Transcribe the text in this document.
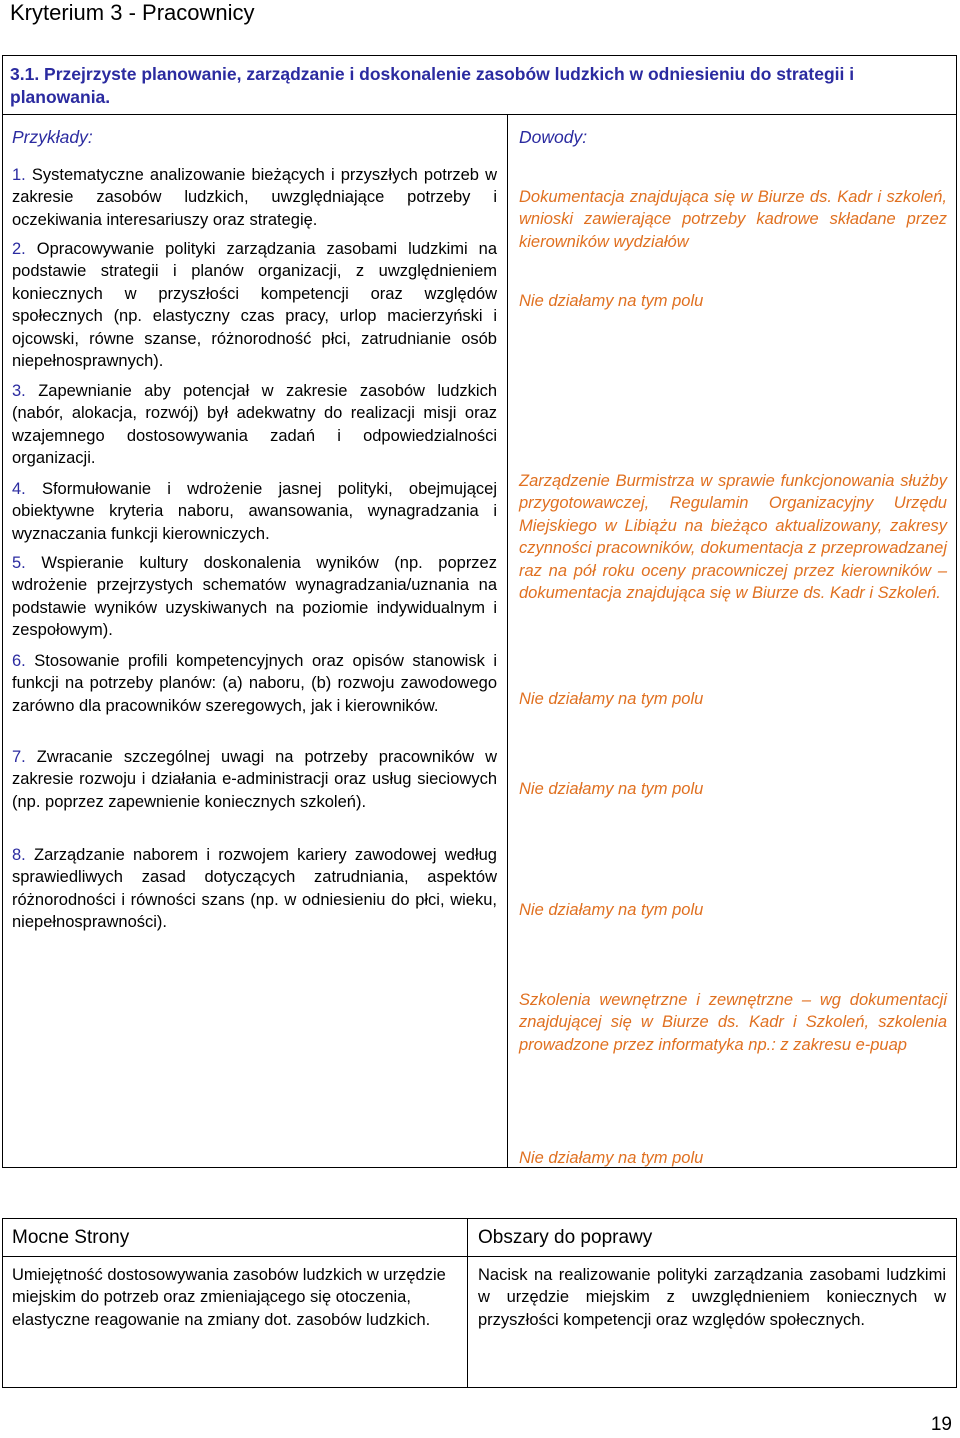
Kryterium 3 - Pracownicy
3.1. Przejrzyste planowanie, zarządzanie i doskonalenie zasobów ludzkich w odniesieniu do strategii i planowania.
Przykłady:	Dowody:
1. Systematyczne analizowanie bieżących i przyszłych potrzeb w zakresie zasobów ludzkich, uwzględniające potrzeby i oczekiwania interesariuszy oraz strategię.
2. Opracowywanie polityki zarządzania zasobami ludzkimi na podstawie strategii i planów organizacji, z uwzględnieniem koniecznych w przyszłości kompetencji oraz względów społecznych (np. elastyczny czas pracy, urlop macierzyński i ojcowski, równe szanse, różnorodność płci, zatrudnianie osób niepełnosprawnych).
3. Zapewnianie aby potencjał w zakresie zasobów ludzkich (nabór, alokacja, rozwój) był adekwatny do realizacji misji oraz wzajemnego dostosowywania zadań i odpowiedzialności organizacji.
4. Sformułowanie i wdrożenie jasnej polityki, obejmującej obiektywne kryteria naboru, awansowania, wynagradzania i wyznaczania funkcji kierowniczych.
5. Wspieranie kultury doskonalenia wyników (np. poprzez wdrożenie przejrzystych schematów wynagradzania/uznania na podstawie wyników uzyskiwanych na poziomie indywidualnym i zespołowym).
6. Stosowanie profili kompetencyjnych oraz opisów stanowisk i funkcji na potrzeby planów: (a) naboru, (b) rozwoju zawodowego zarówno dla pracowników szeregowych, jak i kierowników.
7. Zwracanie szczególnej uwagi na potrzeby pracowników w zakresie rozwoju i działania e-administracji oraz usług sieciowych (np. poprzez zapewnienie koniecznych szkoleń).
8. Zarządzanie naborem i rozwojem kariery zawodowej według sprawiedliwych zasad dotyczących zatrudniania, aspektów różnorodności i równości szans (np. w odniesieniu do płci, wieku, niepełnosprawności).
Dokumentacja znajdująca się w Biurze ds. Kadr i szkoleń, wnioski zawierające potrzeby kadrowe składane przez kierowników wydziałów
Nie działamy na tym polu
Zarządzenie Burmistrza w sprawie funkcjonowania służby przygotowawczej, Regulamin Organizacyjny Urzędu Miejskiego w Libiążu na bieżąco aktualizowany, zakresy czynności pracowników, dokumentacja z przeprowadzanej raz na pół roku oceny pracowniczej przez kierowników – dokumentacja znajdująca się w Biurze ds. Kadr i Szkoleń.
Nie działamy na tym polu
Nie działamy na tym polu
Nie działamy na tym polu
Szkolenia wewnętrzne i zewnętrzne – wg dokumentacji znajdującej się w Biurze ds. Kadr i Szkoleń, szkolenia prowadzone przez informatyka np.: z zakresu e-puap
Nie działamy na tym polu
Mocne Strony	Obszary do poprawy
Umiejętność dostosowywania zasobów ludzkich w urzędzie miejskim do potrzeb oraz zmieniającego się otoczenia, elastyczne reagowanie na zmiany dot. zasobów ludzkich.
Nacisk na realizowanie polityki zarządzania zasobami ludzkimi w urzędzie miejskim z uwzględnieniem koniecznych w przyszłości kompetencji oraz względów społecznych.
19
